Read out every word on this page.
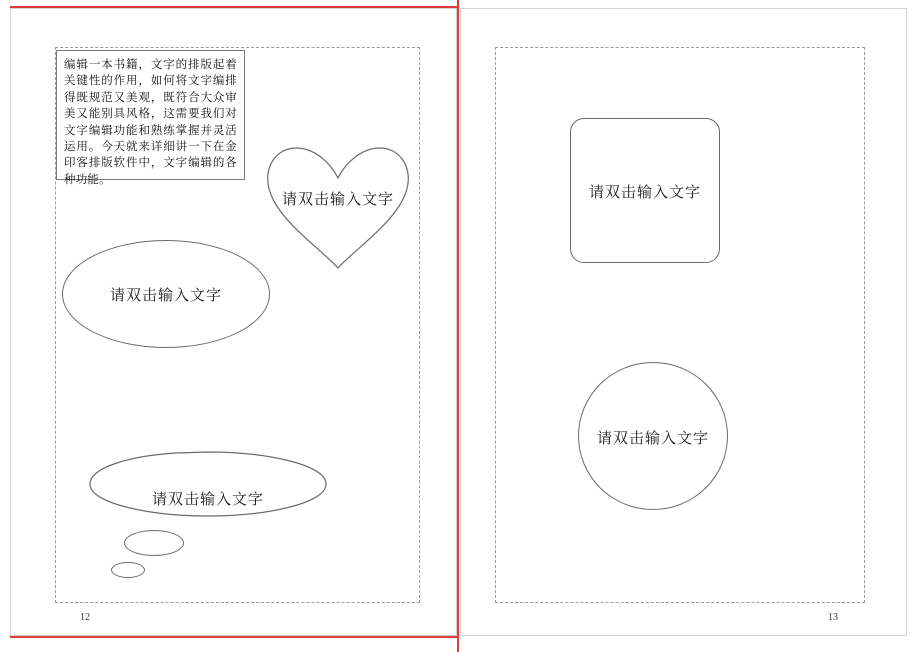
编辑一本书籍，文字的排版起着关键性的作用，如何将文字编排得既规范又美观，既符合大众审美又能别具风格，这需要我们对文字编辑功能和熟练掌握并灵活运用。今天就来详细讲一下在金印客排版软件中，文字编辑的各种功能。
请双击输入文字
请双击输入文字
请双击输入文字
12
请双击输入文字
请双击输入文字
13
